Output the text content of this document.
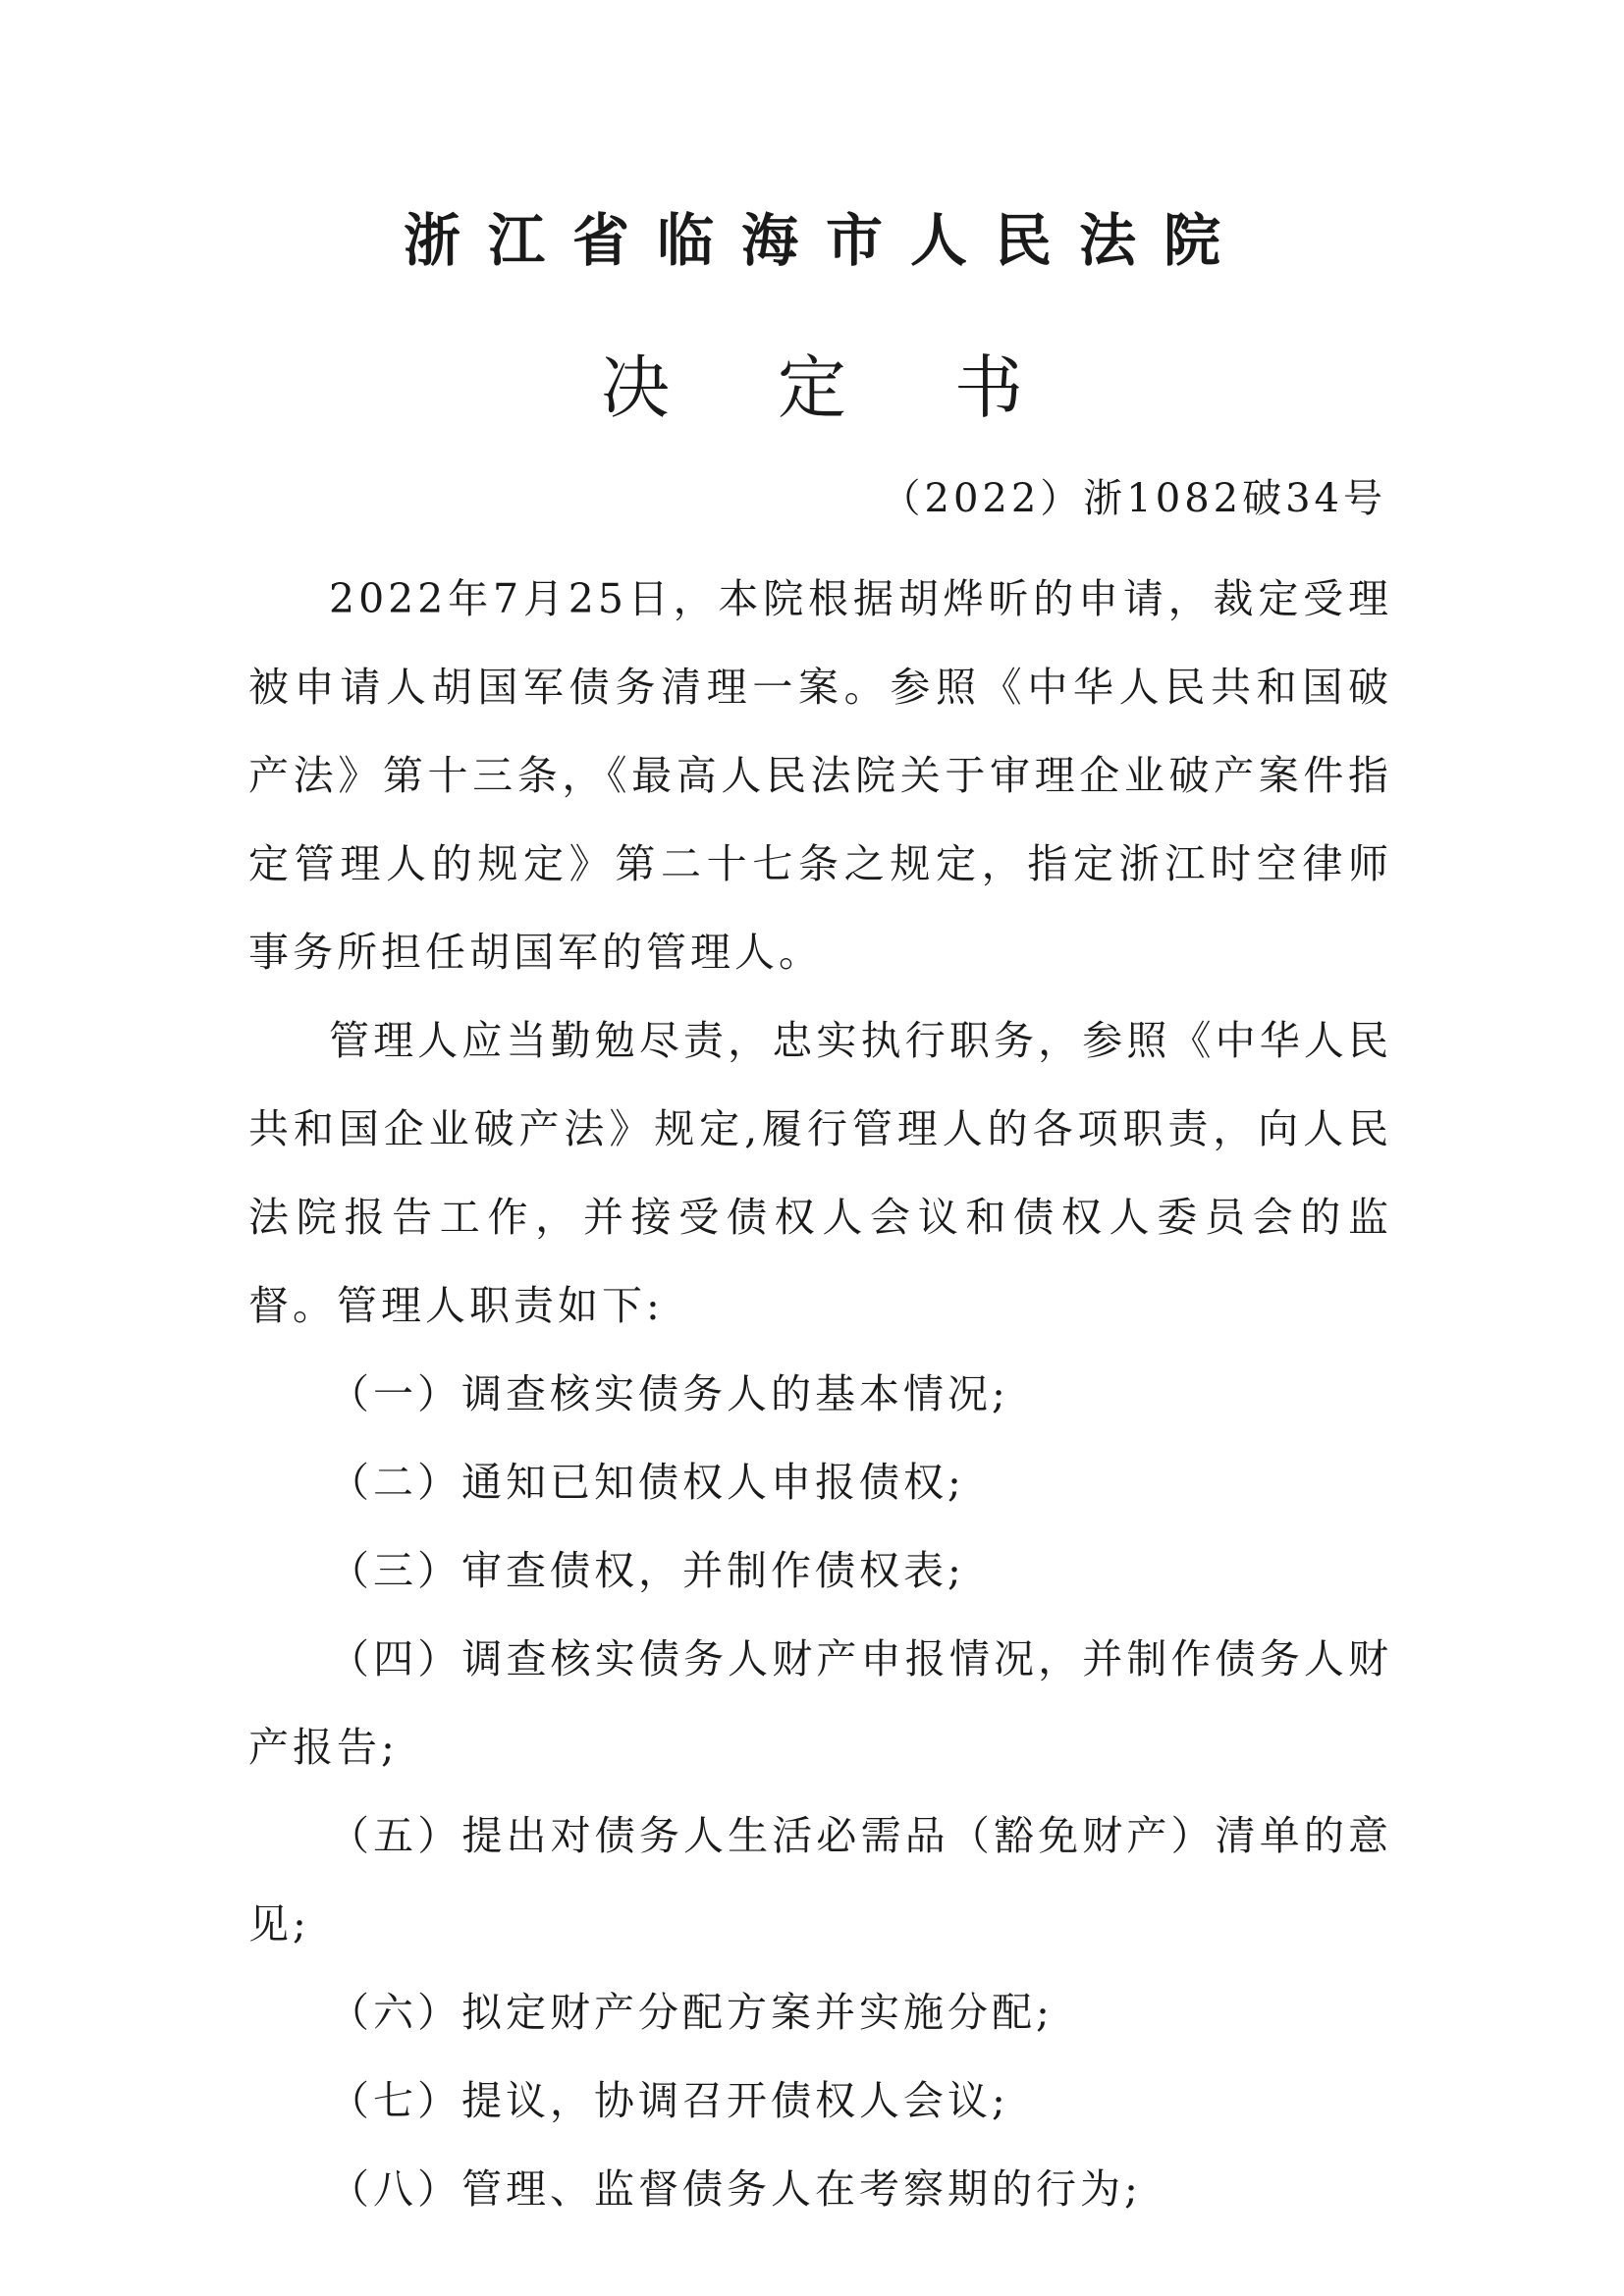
浙江省临海市人民法院
决定书
（2022）浙1082破34号

2022年7月25日，本院根据胡烨昕的申请，裁定受理被申请人胡国军债务清理一案。参照《中华人民共和国破产法》第十三条，《最高人民法院关于审理企业破产案件指定管理人的规定》第二十七条之规定，指定浙江时空律师事务所担任胡国军的管理人。

管理人应当勤勉尽责，忠实执行职务，参照《中华人民共和国企业破产法》规定,履行管理人的各项职责，向人民法院报告工作，并接受债权人会议和债权人委员会的监督。管理人职责如下:

（一）调查核实债务人的基本情况;

（二）通知已知债权人申报债权;

（三）审查债权，并制作债权表;

（四）调查核实债务人财产申报情况，并制作债务人财产报告;

（五）提出对债务人生活必需品（豁免财产）清单的意见;

（六）拟定财产分配方案并实施分配;

（七）提议，协调召开债权人会议;

（八）管理、监督债务人在考察期的行为;
